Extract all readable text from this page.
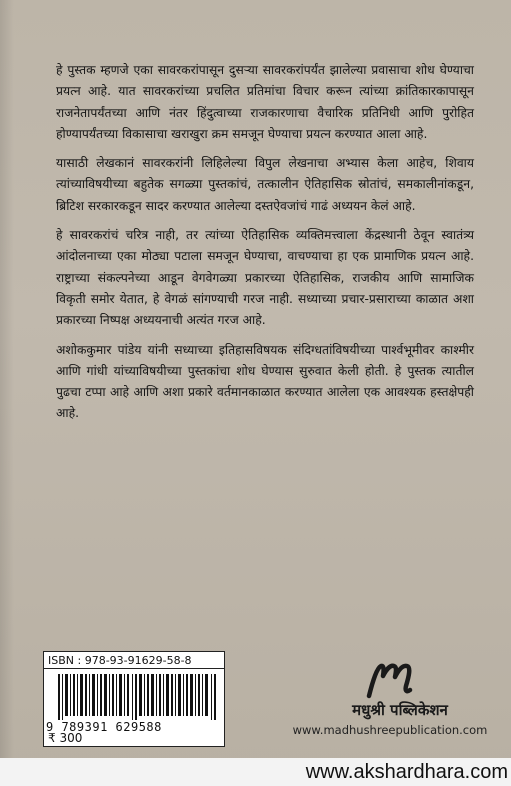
हे पुस्तक म्हणजे एका सावरकरांपासून दुसऱ्या सावरकरांपर्यंत झालेल्या प्रवासाचा शोध घेण्याचा प्रयत्न आहे. यात सावरकरांच्या प्रचलित प्रतिमांचा विचार करून त्यांच्या क्रांतिकारकापासून राजनेतापर्यंतच्या आणि नंतर हिंदुत्वाच्या राजकारणाचा वैचारिक प्रतिनिधी आणि पुरोहित होण्यापर्यंतच्या विकासाचा खराखुरा क्रम समजून घेण्याचा प्रयत्न करण्यात आला आहे.

यासाठी लेखकानं सावरकरांनी लिहिलेल्या विपुल लेखनाचा अभ्यास केला आहेच, शिवाय त्यांच्याविषयीच्या बहुतेक सगळ्या पुस्तकांचं, तत्कालीन ऐतिहासिक स्रोतांचं, समकालीनांकडून, ब्रिटिश सरकारकडून सादर करण्यात आलेल्या दस्तऐवजांचं गाढं अध्ययन केलं आहे.

हे सावरकरांचं चरित्र नाही, तर त्यांच्या ऐतिहासिक व्यक्तिमत्त्वाला केंद्रस्थानी ठेवून स्वातंत्र्य आंदोलनाच्या एका मोठ्या पटाला समजून घेण्याचा, वाचण्याचा हा एक प्रामाणिक प्रयत्न आहे. राष्ट्राच्या संकल्पनेच्या आडून वेगवेगळ्या प्रकारच्या ऐतिहासिक, राजकीय आणि सामाजिक विकृती समोर येतात, हे वेगळं सांगण्याची गरज नाही. सध्याच्या प्रचार-प्रसाराच्या काळात अशा प्रकारच्या निष्पक्ष अध्ययनाची अत्यंत गरज आहे.

अशोककुमार पांडेय यांनी सध्याच्या इतिहासविषयक संदिग्धतांविषयीच्या पार्श्वभूमीवर काश्मीर आणि गांधी यांच्याविषयीच्या पुस्तकांचा शोध घेण्यास सुरुवात केली होती. हे पुस्तक त्यातील पुढचा टप्पा आहे आणि अशा प्रकारे वर्तमानकाळात करण्यात आलेला एक आवश्यक हस्तक्षेपही आहे.

ISBN : 978-93-91629-58-8
9 789391 629588
₹ 300
मधुश्री पब्लिकेशन
www.madhushreepublication.com
www.akshardhara.com
